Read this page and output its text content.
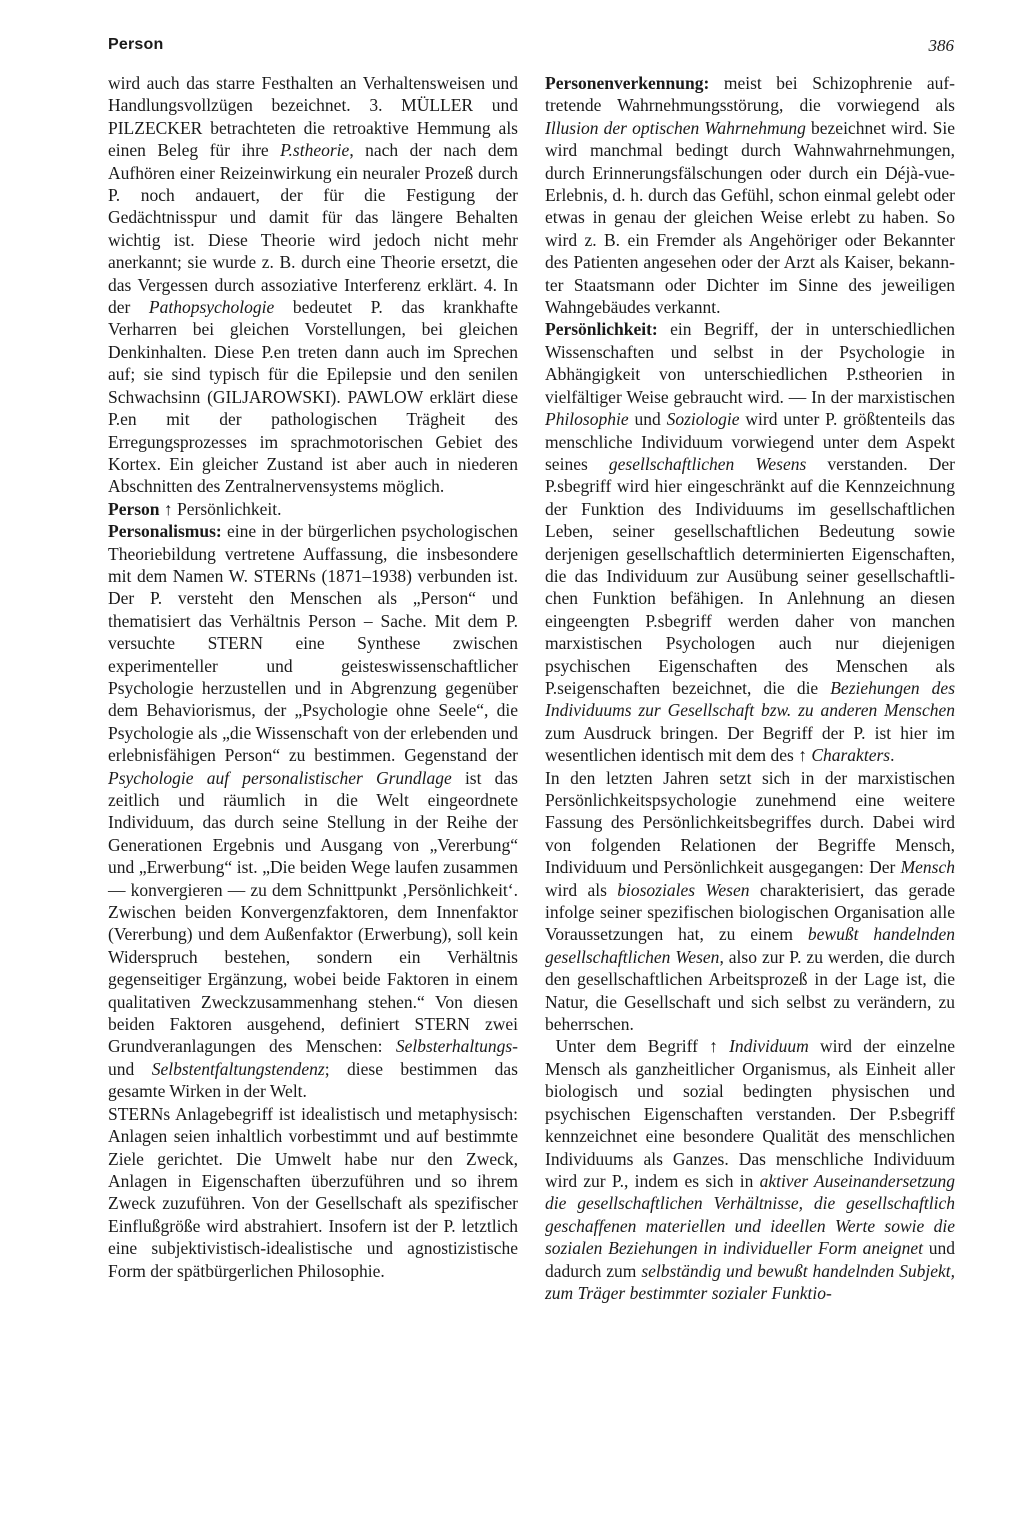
Person	386

wird auch das starre Festhalten an Verhaltensweisen und Handlungsvollzügen bezeichnet. 3. MÜLLER und PILZECKER betrachteten die retroaktive Hemmung als einen Beleg für ihre P.stheorie, nach der nach dem Aufhören einer Reizeinwirkung ein neuraler Prozeß durch P. noch andauert, der für die Festigung der Gedächtnisspur und damit für das längere Behalten wichtig ist. Diese Theorie wird jedoch nicht mehr anerkannt; sie wurde z. B. durch eine Theorie ersetzt, die das Vergessen durch assoziative Interferenz erklärt. 4. In der Pathopsychologie bedeutet P. das krankhafte Verharren bei gleichen Vorstellungen, bei gleichen Denkinhalten. Diese P.en treten dann auch im Sprechen auf; sie sind typisch für die Epilepsie und den senilen Schwachsinn (GILJAROWSKI). PAWLOW erklärt diese P.en mit der pathologischen Trägheit des Erregungsprozesses im sprachmotorischen Gebiet des Kortex. Ein gleicher Zustand ist aber auch in niederen Abschnitten des Zentralnervensystems möglich.

Person ↑ Persönlichkeit.

Personalismus: eine in der bürgerlichen psychologischen Theoriebildung vertretene Auffassung, die insbesondere mit dem Namen W. STERNs (1871–1938) verbunden ist. Der P. versteht den Menschen als „Person“ und thematisiert das Verhältnis Person – Sache. Mit dem P. versuchte STERN eine Synthese zwischen experimenteller und geisteswissenschaftlicher Psychologie herzustellen und in Abgrenzung gegenüber dem Behaviorismus, der „Psychologie ohne Seele“, die Psychologie als „die Wissenschaft von der erlebenden und erlebnisfähigen Person“ zu bestimmen. Gegenstand der Psychologie auf personalistischer Grundlage ist das zeitlich und räumlich in die Welt eingeordnete Individuum, das durch seine Stellung in der Reihe der Generationen Ergebnis und Ausgang von „Vererbung“ und „Erwerbung“ ist. „Die beiden Wege laufen zusammen — konvergieren — zu dem Schnittpunkt ‚Persönlichkeit‘. Zwischen beiden Konvergenzfaktoren, dem Innenfaktor (Vererbung) und dem Außenfaktor (Erwerbung), soll kein Widerspruch bestehen, sondern ein Verhältnis gegenseitiger Ergänzung, wobei beide Faktoren in einem qualitativen Zweckzusammenhang stehen.“ Von diesen beiden Faktoren ausgehend, definiert STERN zwei Grundveranlagungen des Menschen: Selbsterhaltungs- und Selbstentfaltungstendenz; diese bestimmen das gesamte Wirken in der Welt.

STERNs Anlagebegriff ist idealistisch und metaphysisch: Anlagen seien inhaltlich vorbestimmt und auf bestimmte Ziele gerichtet. Die Umwelt habe nur den Zweck, Anlagen in Eigenschaften überzuführen und so ihrem Zweck zuzuführen. Von der Gesellschaft als spezifischer Einflußgröße wird abstrahiert. Insofern ist der P. letztlich eine subjektivistisch-idealistische und agnostizistische Form der spätbürgerlichen Philosophie.

Personenverkennung: meist bei Schizophrenie auftretende Wahrnehmungsstörung, die vorwiegend als Illusion der optischen Wahrnehmung bezeichnet wird. Sie wird manchmal bedingt durch Wahnwahrnehmungen, durch Erinnerungsfälschungen oder durch ein Déjà-vue-Erlebnis, d. h. durch das Gefühl, schon einmal gelebt oder etwas in genau der gleichen Weise erlebt zu haben. So wird z. B. ein Fremder als Angehöriger oder Bekannter des Patienten angesehen oder der Arzt als Kaiser, bekannter Staatsmann oder Dichter im Sinne des jeweiligen Wahngebäudes verkannt.

Persönlichkeit: ein Begriff, der in unterschiedlichen Wissenschaften und selbst in der Psychologie in Abhängigkeit von unterschiedlichen P.stheorien in vielfältiger Weise gebraucht wird. — In der marxistischen Philosophie und Soziologie wird unter P. größtenteils das menschliche Individuum vorwiegend unter dem Aspekt seines gesellschaftlichen Wesens verstanden. Der P.sbegriff wird hier eingeschränkt auf die Kennzeichnung der Funktion des Individuums im gesellschaftlichen Leben, seiner gesellschaftlichen Bedeutung sowie derjenigen gesellschaftlich determinierten Eigenschaften, die das Individuum zur Ausübung seiner gesellschaftlichen Funktion befähigen. In Anlehnung an diesen eingeengten P.sbegriff werden daher von manchen marxistischen Psychologen auch nur diejenigen psychischen Eigenschaften des Menschen als P.seigenschaften bezeichnet, die die Beziehungen des Individuums zur Gesellschaft bzw. zu anderen Menschen zum Ausdruck bringen. Der Begriff der P. ist hier im wesentlichen identisch mit dem des ↑ Charakters.

In den letzten Jahren setzt sich in der marxistischen Persönlichkeitspsychologie zunehmend eine weitere Fassung des Persönlichkeitsbegriffes durch. Dabei wird von folgenden Relationen der Begriffe Mensch, Individuum und Persönlichkeit ausgegangen: Der Mensch wird als biosoziales Wesen charakterisiert, das gerade infolge seiner spezifischen biologischen Organisation alle Voraussetzungen hat, zu einem bewußt handelnden gesellschaftlichen Wesen, also zur P. zu werden, die durch den gesellschaftlichen Arbeitsprozeß in der Lage ist, die Natur, die Gesellschaft und sich selbst zu verändern, zu beherrschen.

Unter dem Begriff ↑ Individuum wird der einzelne Mensch als ganzheitlicher Organismus, als Einheit aller biologisch und sozial bedingten physischen und psychischen Eigenschaften verstanden. Der P.sbegriff kennzeichnet eine besondere Qualität des menschlichen Individuums als Ganzes. Das menschliche Individuum wird zur P., indem es sich in aktiver Auseinandersetzung die gesellschaftlichen Verhältnisse, die gesellschaftlich geschaffenen materiellen und ideellen Werte sowie die sozialen Beziehungen in individueller Form aneignet und dadurch zum selbständig und bewußt handelnden Subjekt, zum Träger bestimmter sozialer Funktio-
